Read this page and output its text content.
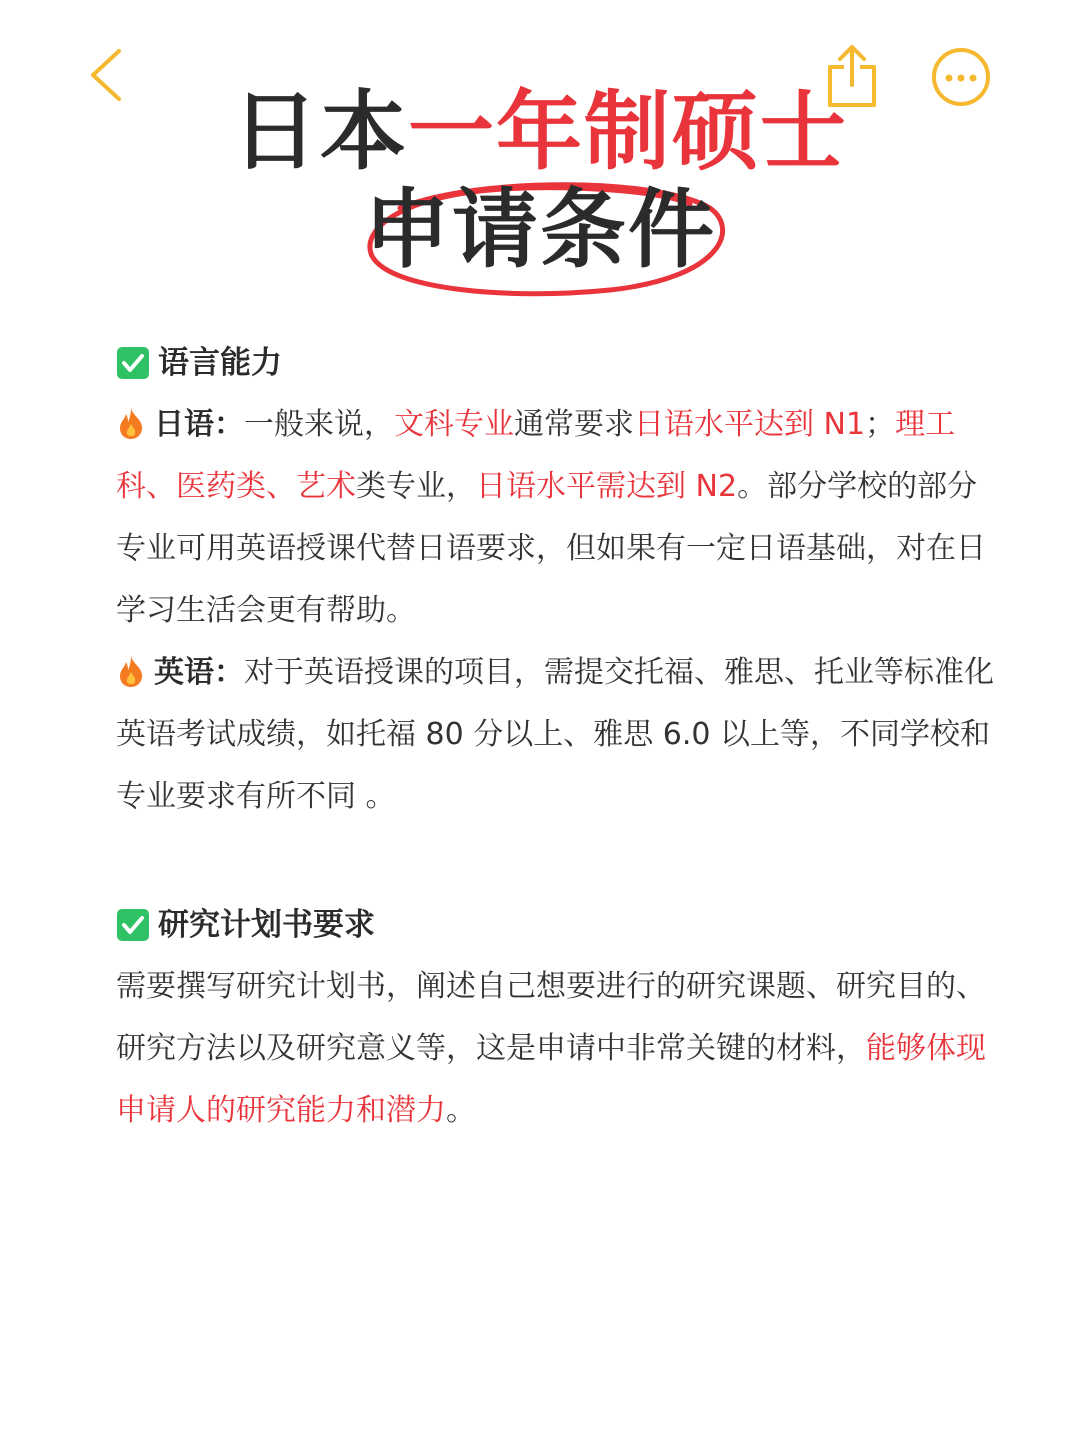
日本一年制硕士
申请条件
语言能力

日语：一般来说，文科专业通常要求日语水平达到 N1；理工科、医药类、艺术类专业，日语水平需达到 N2。部分学校的部分专业可用英语授课代替日语要求，但如果有一定日语基础，对在日学习生活会更有帮助。

英语：对于英语授课的项目，需提交托福、雅思、托业等标准化英语考试成绩，如托福 80 分以上、雅思 6.0 以上等，不同学校和专业要求有所不同 。

研究计划书要求

需要撰写研究计划书，阐述自己想要进行的研究课题、研究目的、研究方法以及研究意义等，这是申请中非常关键的材料，能够体现申请人的研究能力和潜力。
